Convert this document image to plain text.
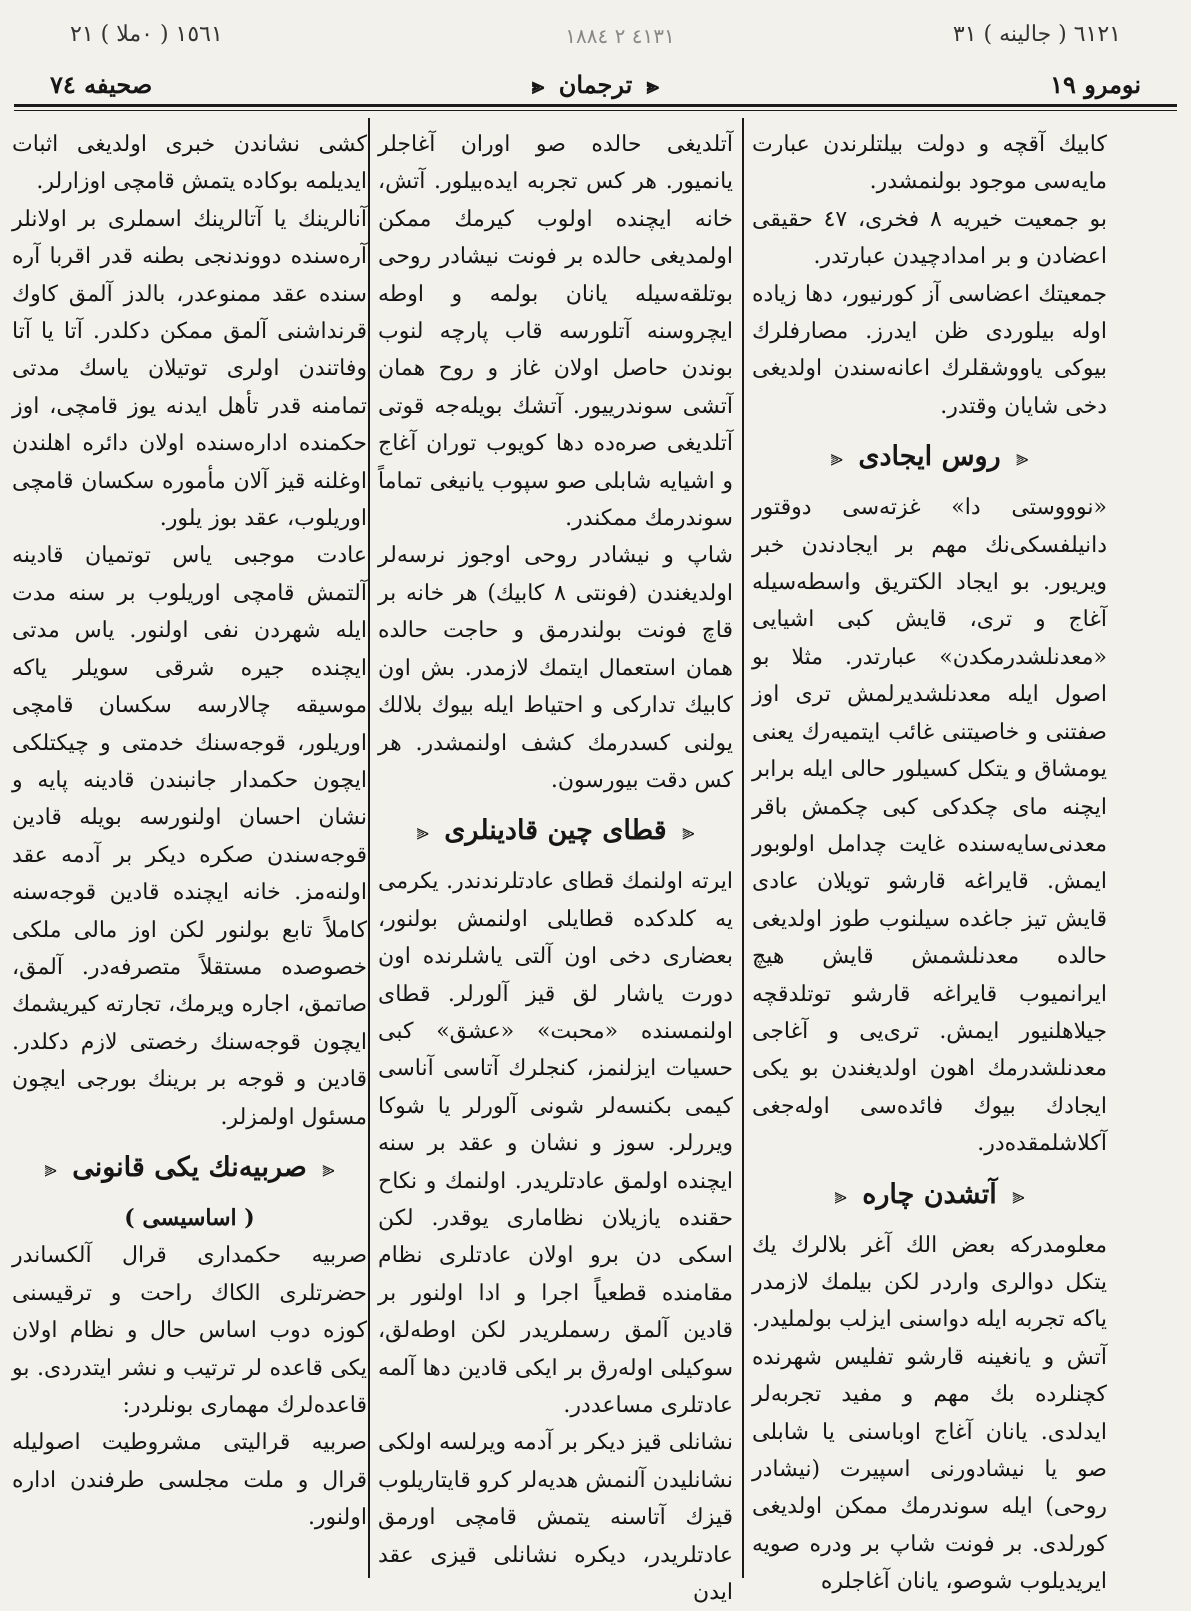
٦١٢١ ( جالينه ) ٣١
٤١٣١ ٢ ١٨٨٤
١٥٦١ ( ٠ملا ) ٢١
نومرو ١٩
⫷ ترجمان ⫷
صحيفه ٧٤

كابيك آقچه و دولت بيلتلرندن عبارت مايه‌سى موجود بولنمشدر.

بو جمعيت خيريه ٨ فخرى، ٤٧ حقيقى اعضادن و بر امدادچيدن عبارتدر.

جمعيتك اعضاسى آز كورنيور، دها زياده اوله بيلوردى ظن ايدرز. مصارفلرك بيوكى ياووشقلرك اعانه‌سندن اولديغى دخى شايان وقتدر.

⫷ روس ايجادى ⫷

«نوووستى دا» غزته‌سى دوقتور دانيلفسكى‌نك مهم بر ايجادندن خبر ويريور. بو ايجاد الكتريق واسطه‌سيله آغاج و ترى، قايش كبى اشيايى «معدنلشدرمكدن» عبارتدر. مثلا بو اصول ايله معدنلشديرلمش ترى اوز صفتنى و خاصيتنى غائب ايتميه‌رك يعنى يومشاق و يتكل كسيلور حالى ايله برابر ايچنه ماى چكدكى كبى چكمش باقر معدنى‌سايه‌سنده غايت چدامل اولوبور ايمش. قايراغه قارشو تويلان عادى قايش تيز جاغده سيلنوب طوز اولديغى حالده معدنلشمش قايش هيچ ايرانميوب قايراغه قارشو توتلدقچه جيلاهلنيور ايمش. ترى‌يى و آغاجى معدنلشدرمك اهون اولديغندن بو يكى ايجادك بيوك فائده‌سى اوله‌جغى آكلاشلمقده‌در.

⫷ آتشدن چاره ⫷

معلومدركه بعض الك آغر بلالرك يك يتكل دوالرى واردر لكن بيلمك لازمدر ياكه تجربه ايله دواسنى ايزلب بولمليدر. آتش و يانغينه قارشو تفليس شهرنده كچنلرده بك مهم و مفيد تجربه‌لر ايدلدى. يانان آغاج اوباسنى يا شابلى صو يا نيشادورنى اسپيرت (نيشادر روحى) ايله سوندرمك ممكن اولديغى كورلدى. بر فونت شاپ بر ودره صويه ايريديلوب شوصو، يانان آغاجلره

آتلديغى حالده صو اوران آغاجلر يانميور. هر كس تجربه ايده‌بيلور. آتش، خانه ايچنده اولوب كيرمك ممكن اولمديغى حالده بر فونت نيشادر روحى بوتلقه‌سيله يانان بولمه و اوطه ايچروسنه آتلورسه قاب پارچه لنوب بوندن حاصل اولان غاز و روح همان آتشى سوندرييور. آتشك بويله‌جه قوتى آتلديغى صره‌ده دها كويوب توران آغاج و اشيايه شابلى صو سپوب يانيغى تماماً سوندرمك ممكندر.

شاپ و نيشادر روحى اوجوز نرسه‌لر اولديغندن (فونتى ٨ كابيك) هر خانه بر قاچ فونت بولندرمق و حاجت حالده همان استعمال ايتمك لازمدر. بش اون كابيك تداركى و احتياط ايله بيوك بلالك يولنى كسدرمك كشف اولنمشدر. هر كس دقت بيورسون.

⫷ قطاى چين قادينلرى ⫷

ايرته اولنمك قطاى عادتلرندندر. يكرمى يه كلدكده قطايلى اولنمش بولنور، بعضارى دخى اون آلتى ياشلرنده اون دورت ياشار لق قيز آلورلر. قطاى اولنمسنده «محبت» «عشق» كبى حسيات ايزلنمز، كنجلرك آتاسى آناسى كيمى بكنسه‌لر شونى آلورلر يا شوكا ويررلر. سوز و نشان و عقد بر سنه ايچنده اولمق عادتلريدر. اولنمك و نكاح حقنده يازيلان نظامارى يوقدر. لكن اسكى دن برو اولان عادتلرى نظام مقامنده قطعياً اجرا و ادا اولنور بر قادين آلمق رسملريدر لكن اوطه‌لق، سوكيلى اوله‌رق بر ايكى قادين دها آلمه عادتلرى مساعددر.

نشانلى قيز ديكر بر آدمه ويرلسه اولكى نشانليدن آلنمش هديه‌لر كرو قايتاريلوب قيزك آتاسنه يتمش قامچى اورمق عادتلريدر، ديكره نشانلى قيزى عقد ايدن

كشى نشاندن خبرى اولديغى اثبات ايديلمه بوكاده يتمش قامچى اوزارلر.

آنالرينك يا آتالرينك اسملرى بر اولانلر آره‌سنده دووندنجى بطنه قدر اقربا آره سنده عقد ممنوعدر، بالدز آلمق كاوك قرنداشنى آلمق ممكن دكلدر. آتا يا آتا وفاتندن اولرى توتيلان ياسك مدتى تمامنه قدر تأهل ايدنه يوز قامچى، اوز حكمنده اداره‌سنده اولان دائره اهلندن اوغلنه قيز آلان مأموره سكسان قامچى اوريلوب، عقد بوز يلور.

عادت موجبى ياس توتميان قادينه آلتمش قامچى اوريلوب بر سنه مدت ايله شهردن نفى اولنور. ياس مدتى ايچنده جيره شرقى سويلر ياكه موسيقه چالارسه سكسان قامچى اوريلور، قوجه‌سنك خدمتى و چيكتلكى ايچون حكمدار جانبندن قادينه پايه و نشان احسان اولنورسه بويله قادين قوجه‌سندن صكره ديكر بر آدمه عقد اولنه‌مز. خانه ايچنده قادين قوجه‌سنه كاملاً تابع بولنور لكن اوز مالى ملكى خصوصده مستقلاً متصرفه‌در. آلمق، صاتمق، اجاره ويرمك، تجارته كيريشمك ايچون قوجه‌سنك رخصتى لازم دكلدر. قادين و قوجه بر برينك بورجى ايچون مسئول اولمزلر.

⫷ صربيه‌نك يكى قانونى ⫷
( اساسيسى )

صربيه حكمدارى قرال آلكساندر حضرتلرى الكاك راحت و ترقيسنى كوزه دوب اساس حال و نظام اولان يكى قاعده لر ترتيب و نشر ايتدردى. بو قاعده‌لرك مهمارى بونلردر:

صربيه قراليتى مشروطيت اصوليله قرال و ملت مجلسى طرفندن اداره اولنور.
